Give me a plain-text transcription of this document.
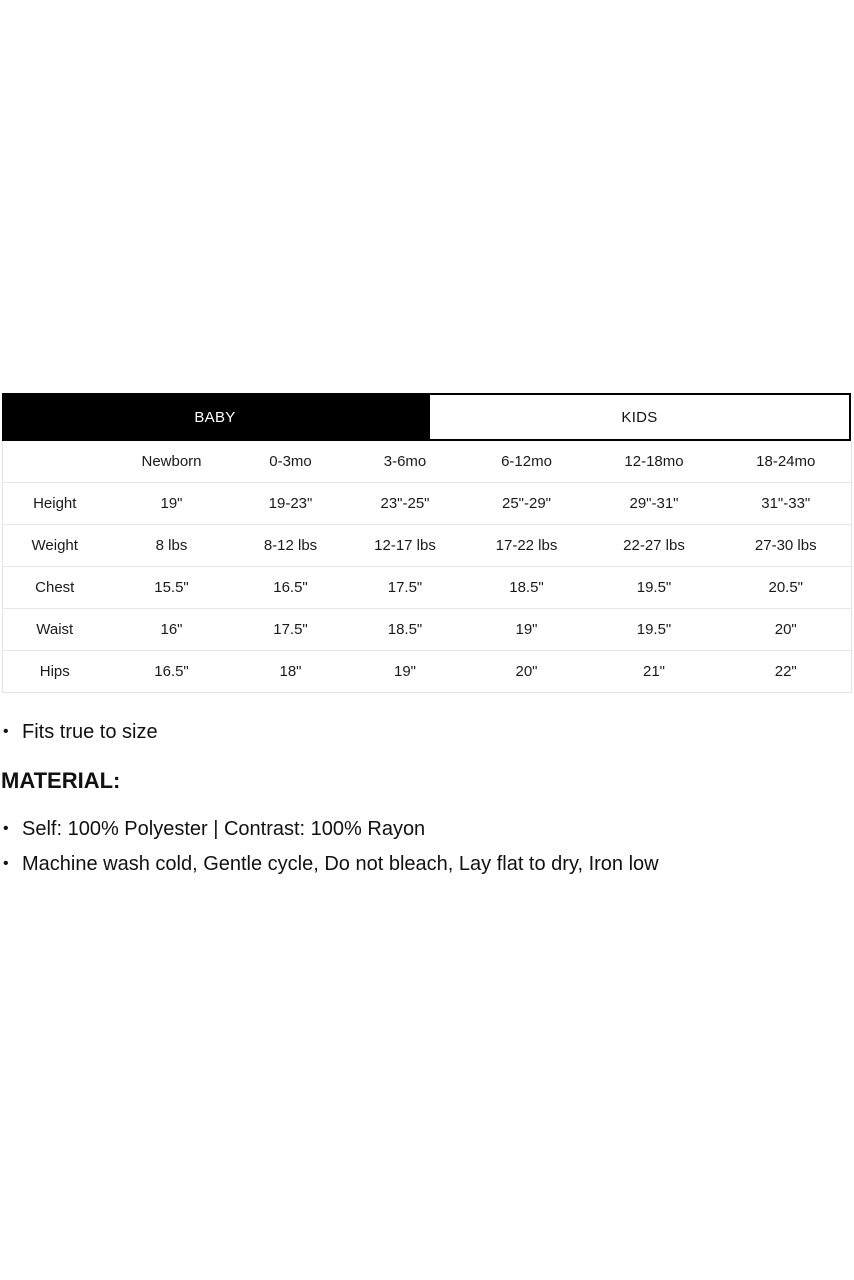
BABY	KIDS
	Newborn	0-3mo	3-6mo	6-12mo	12-18mo	18-24mo
Height	19"	19-23"	23"-25"	25"-29"	29"-31"	31"-33"
Weight	8 lbs	8-12 lbs	12-17 lbs	17-22 lbs	22-27 lbs	27-30 lbs
Chest	15.5"	16.5"	17.5"	18.5"	19.5"	20.5"
Waist	16"	17.5"	18.5"	19"	19.5"	20"
Hips	16.5"	18"	19"	20"	21"	22"
• Fits true to size
MATERIAL:
• Self: 100% Polyester | Contrast: 100% Rayon
• Machine wash cold, Gentle cycle, Do not bleach, Lay flat to dry, Iron low
